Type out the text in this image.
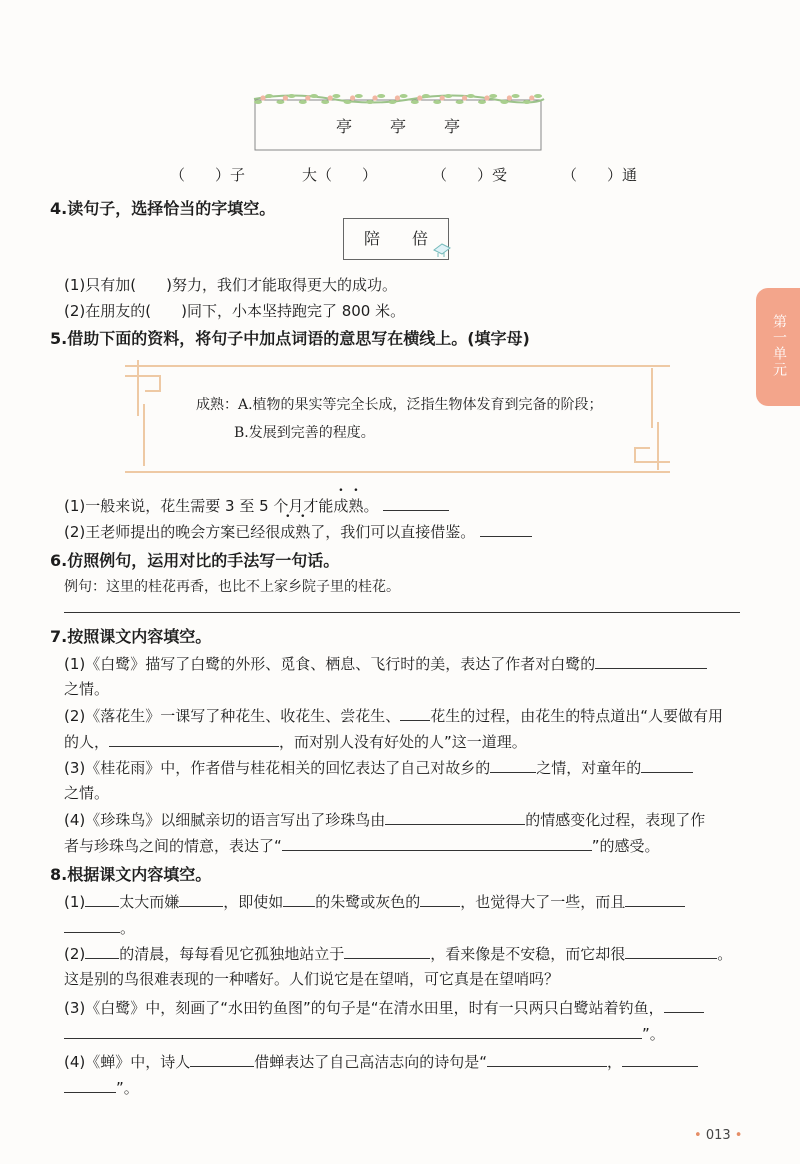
亭　　亭　　亭
（　　）子	大（　　）	（　　）受	（　　）通
4.读句子，选择恰当的字填空。
陪　　倍
(1)只有加(　　)努力，我们才能取得更大的成功。
(2)在朋友的(　　)同下，小本坚持跑完了 800 米。
5.借助下面的资料，将句子中加点词语的意思写在横线上。(填字母)
成熟：A.植物的果实等完全长成，泛指生物体发育到完备的阶段；
B.发展到完善的程度。
(1)一般来说，花生需要 3 至 5 个月才能成熟。
(2)王老师提出的晚会方案已经很成熟了，我们可以直接借鉴。
6.仿照例句，运用对比的手法写一句话。
例句：这里的桂花再香，也比不上家乡院子里的桂花。
7.按照课文内容填空。
(1)《白鹭》描写了白鹭的外形、觅食、栖息、飞行时的美，表达了作者对白鹭的
之情。
(2)《落花生》一课写了种花生、收花生、尝花生、 花生的过程，由花生的特点道出“人要做有用
的人，	，而对别人没有好处的人”这一道理。
(3)《桂花雨》中，作者借与桂花相关的回忆表达了自己对故乡的	之情，对童年的
之情。
(4)《珍珠鸟》以细腻亲切的语言写出了珍珠鸟由	的情感变化过程，表现了作
者与珍珠鸟之间的情意，表达了“	”的感受。
8.根据课文内容填空。
(1) 太大而嫌	，即使如 的朱鹭或灰色的	，也觉得大了一些，而且
。
(2) 的清晨，每每看见它孤独地站立于	，看来像是不安稳，而它却很	。
这是别的鸟很难表现的一种嗜好。人们说它是在望哨，可它真是在望哨吗？
(3)《白鹭》中，刻画了“水田钓鱼图”的句子是“在清水田里，时有一只两只白鹭站着钓鱼，
”。
(4)《蝉》中，诗人	借蝉表达了自己高洁志向的诗句是“	，
”。
第一单元
• 013 •
